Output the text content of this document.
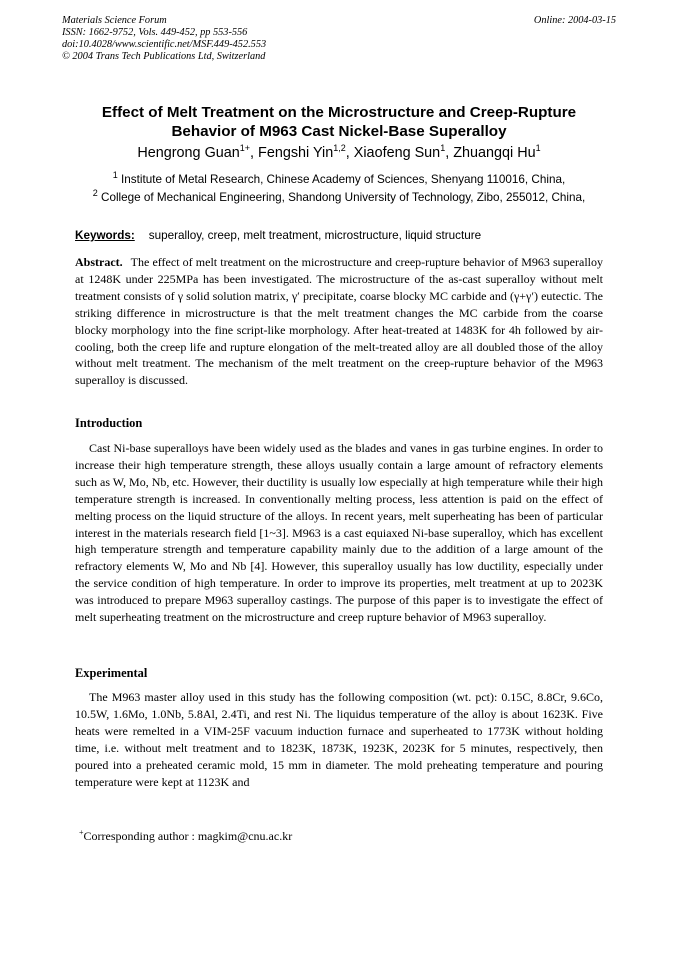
Materials Science Forum
ISSN: 1662-9752, Vols. 449-452, pp 553-556
doi:10.4028/www.scientific.net/MSF.449-452.553
© 2004 Trans Tech Publications Ltd, Switzerland
Online: 2004-03-15
Effect of Melt Treatment on the Microstructure and Creep-Rupture
Behavior of M963 Cast Nickel-Base Superalloy
Hengrong Guan$^{1+}$, Fengshi Yin$^{1,2}$, Xiaofeng Sun$^1$, Zhuangqi Hu$^1$
$^1$ Institute of Metal Research, Chinese Academy of Sciences, Shenyang 110016, China,
$^2$ College of Mechanical Engineering, Shandong University of Technology, Zibo, 255012, China,
Keywords: superalloy, creep, melt treatment, microstructure, liquid structure
Abstract. The effect of melt treatment on the microstructure and creep-rupture behavior of M963 superalloy at 1248K under 225MPa has been investigated. The microstructure of the as-cast superalloy without melt treatment consists of γ solid solution matrix, γ′ precipitate, coarse blocky MC carbide and (γ+γ′) eutectic. The striking difference in microstructure is that the melt treatment changes the MC carbide from the coarse blocky morphology into the fine script-like morphology. After heat-treated at 1483K for 4h followed by air-cooling, both the creep life and rupture elongation of the melt-treated alloy are all doubled those of the alloy without melt treatment. The mechanism of the melt treatment on the creep-rupture behavior of the M963 superalloy is discussed.
Introduction
Cast Ni-base superalloys have been widely used as the blades and vanes in gas turbine engines. In order to increase their high temperature strength, these alloys usually contain a large amount of refractory elements such as W, Mo, Nb, etc. However, their ductility is usually low especially at high temperature while their high temperature strength is increased. In conventionally melting process, less attention is paid on the effect of melting process on the liquid structure of the alloys. In recent years, melt superheating has been of particular interest in the materials research field [1~3]. M963 is a cast equiaxed Ni-base superalloy, which has excellent high temperature strength and temperature capability mainly due to the addition of a large amount of the refractory elements W, Mo and Nb [4]. However, this superalloy usually has low ductility, especially under the service condition of high temperature. In order to improve its properties, melt treatment at up to 2023K was introduced to prepare M963 superalloy castings. The purpose of this paper is to investigate the effect of melt superheating treatment on the microstructure and creep rupture behavior of M963 superalloy.
Experimental
The M963 master alloy used in this study has the following composition (wt. pct): 0.15C, 8.8Cr, 9.6Co, 10.5W, 1.6Mo, 1.0Nb, 5.8Al, 2.4Ti, and rest Ni. The liquidus temperature of the alloy is about 1623K. Five heats were remelted in a VIM-25F vacuum induction furnace and superheated to 1773K without holding time, i.e. without melt treatment and to 1823K, 1873K, 1923K, 2023K for 5 minutes, respectively, then poured into a preheated ceramic mold, 15 mm in diameter. The mold preheating temperature and pouring temperature were kept at 1123K and
+Corresponding author : magkim@cnu.ac.kr
